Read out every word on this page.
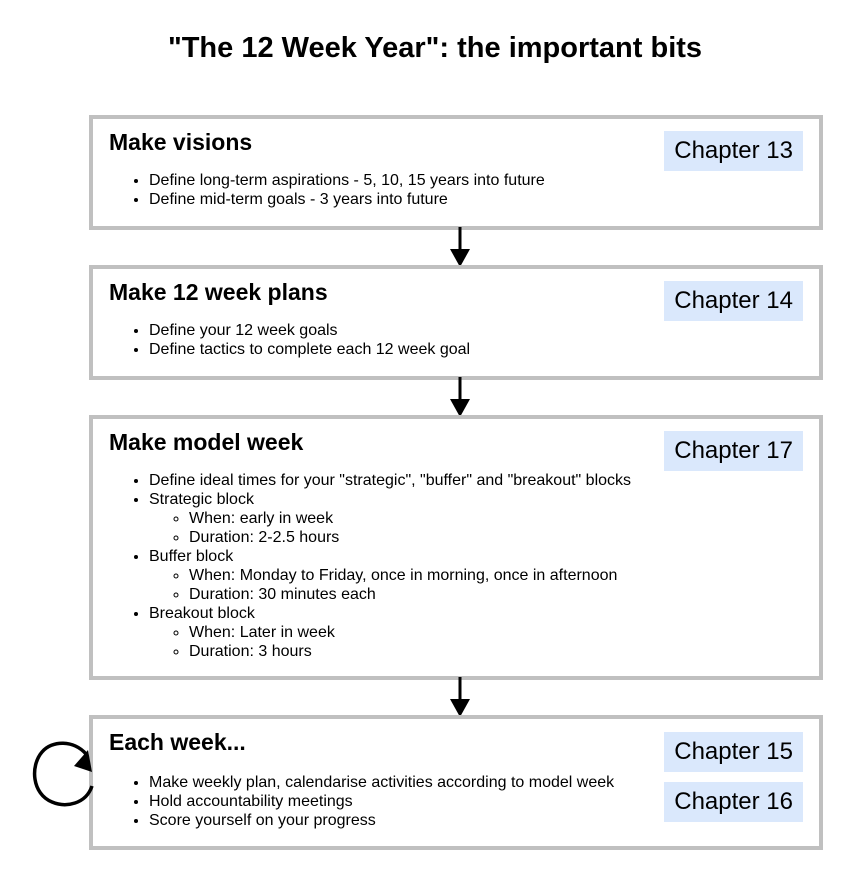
"The 12 Week Year": the important bits
Make visions	Chapter 13
• Define long-term aspirations - 5, 10, 15 years into future
• Define mid-term goals - 3 years into future
Make 12 week plans	Chapter 14
• Define your 12 week goals
• Define tactics to complete each 12 week goal
Make model week	Chapter 17
• Define ideal times for your "strategic", "buffer" and "breakout" blocks
• Strategic block
◦ When: early in week
◦ Duration: 2-2.5 hours
• Buffer block
◦ When: Monday to Friday, once in morning, once in afternoon
◦ Duration: 30 minutes each
• Breakout block
◦ When: Later in week
◦ Duration: 3 hours
Each week...	Chapter 15
Chapter 16
• Make weekly plan, calendarise activities according to model week
• Hold accountability meetings
• Score yourself on your progress
